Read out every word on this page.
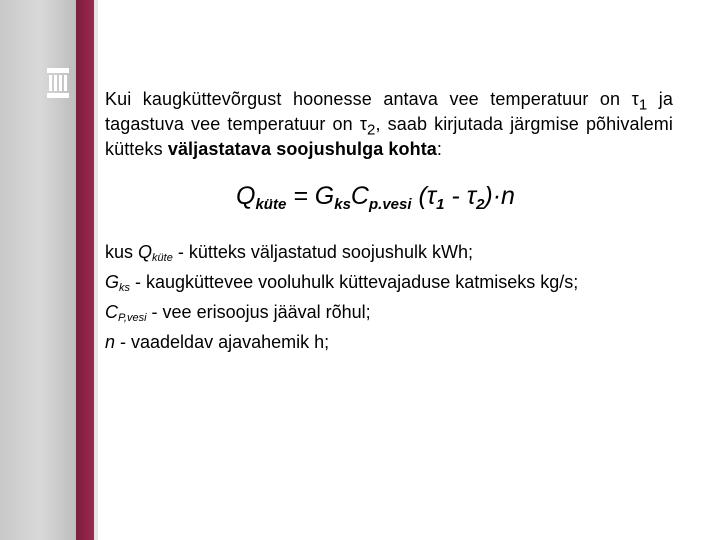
Kui kaugküttevõrgust hoonesse antava vee temperatuur on $\tau_1$ ja tagastuva vee temperatuur on $\tau_2$, saab kirjutada järgmise põhivalemi kütteks väljastatava soojushulga kohta:
$Q_{küte} = G_{ks}C_{p.vesi}$ $(\tau_1 - \tau_2)\cdot n$
kus Qküte - kütteks väljastatud soojushulk kWh;
Gks - kaugküttevee vooluhulk küttevajaduse katmiseks kg/s;
CP,vesi - vee erisoojus jääval rõhul;
n - vaadeldav ajavahemik h;
